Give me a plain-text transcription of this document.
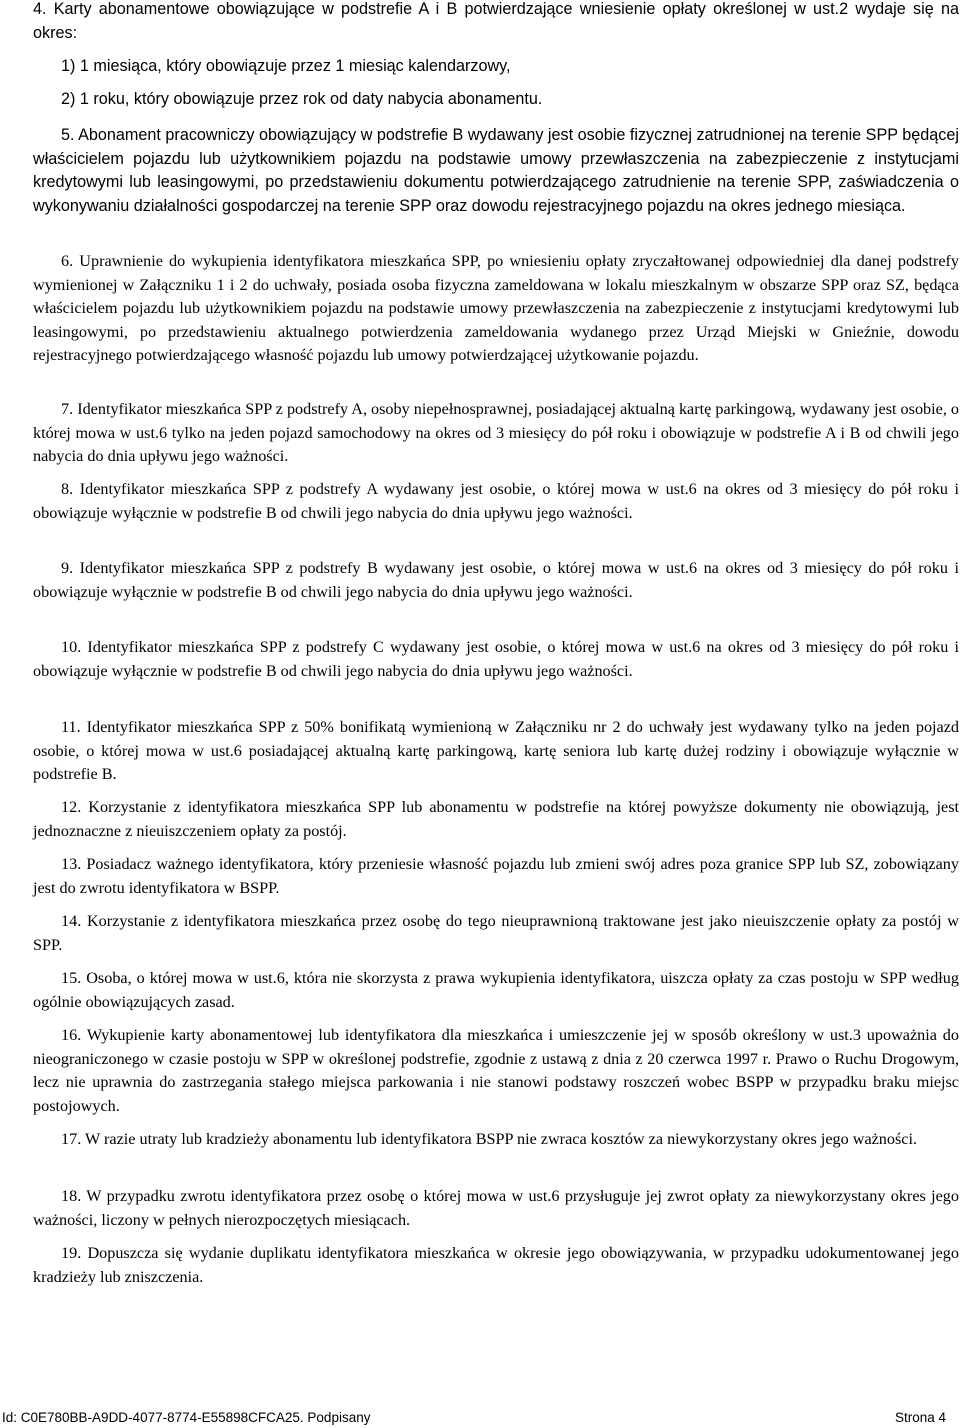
4. Karty abonamentowe obowiązujące w podstrefie A i B potwierdzające wniesienie opłaty określonej w ust.2 wydaje się na okres:
1) 1 miesiąca, który obowiązuje przez 1 miesiąc kalendarzowy,
2) 1 roku, który obowiązuje przez rok od daty nabycia abonamentu.
5. Abonament pracowniczy obowiązujący w podstrefie B wydawany jest osobie fizycznej zatrudnionej na terenie SPP będącej właścicielem pojazdu lub użytkownikiem pojazdu na podstawie umowy przewłaszczenia na zabezpieczenie z instytucjami kredytowymi lub leasingowymi, po przedstawieniu dokumentu potwierdzającego zatrudnienie na terenie SPP, zaświadczenia o wykonywaniu działalności gospodarczej na terenie SPP oraz dowodu rejestracyjnego pojazdu na okres jednego miesiąca.
6. Uprawnienie do wykupienia identyfikatora mieszkańca SPP, po wniesieniu opłaty zryczałtowanej odpowiedniej dla danej podstrefy wymienionej w Załączniku 1 i 2 do uchwały, posiada osoba fizyczna zameldowana w lokalu mieszkalnym w obszarze SPP oraz SZ, będąca właścicielem pojazdu lub użytkownikiem pojazdu na podstawie umowy przewłaszczenia na zabezpieczenie z instytucjami kredytowymi lub leasingowymi, po przedstawieniu aktualnego potwierdzenia zameldowania wydanego przez Urząd Miejski w Gnieźnie, dowodu rejestracyjnego potwierdzającego własność pojazdu lub umowy potwierdzającej użytkowanie pojazdu.
7. Identyfikator mieszkańca SPP z podstrefy A, osoby niepełnosprawnej, posiadającej aktualną kartę parkingową, wydawany jest osobie, o której mowa w ust.6 tylko na jeden pojazd samochodowy na okres od 3 miesięcy do pół roku i obowiązuje w podstrefie A i B od chwili jego nabycia do dnia upływu jego ważności.
8. Identyfikator mieszkańca SPP z podstrefy A wydawany jest osobie, o której mowa w ust.6 na okres od 3 miesięcy do pół roku i obowiązuje wyłącznie w podstrefie B od chwili jego nabycia do dnia upływu jego ważności.
9. Identyfikator mieszkańca SPP z podstrefy B wydawany jest osobie, o której mowa w ust.6 na okres od 3 miesięcy do pół roku i obowiązuje wyłącznie w podstrefie B od chwili jego nabycia do dnia upływu jego ważności.
10. Identyfikator mieszkańca SPP z podstrefy C wydawany jest osobie, o której mowa w ust.6 na okres od 3 miesięcy do pół roku i obowiązuje wyłącznie w podstrefie B od chwili jego nabycia do dnia upływu jego ważności.
11. Identyfikator mieszkańca SPP z 50% bonifikatą wymienioną w Załączniku nr 2 do uchwały jest wydawany tylko na jeden pojazd osobie, o której mowa w ust.6 posiadającej aktualną kartę parkingową, kartę seniora lub kartę dużej rodziny i obowiązuje wyłącznie w podstrefie B.
12. Korzystanie z identyfikatora mieszkańca SPP lub abonamentu w podstrefie na której powyższe dokumenty nie obowiązują, jest jednoznaczne z nieuiszczeniem opłaty za postój.
13. Posiadacz ważnego identyfikatora, który przeniesie własność pojazdu lub zmieni swój adres poza granice SPP lub SZ, zobowiązany jest do zwrotu identyfikatora w BSPP.
14. Korzystanie z identyfikatora mieszkańca przez osobę do tego nieuprawnioną traktowane jest jako nieuiszczenie opłaty za postój w SPP.
15. Osoba, o której mowa w ust.6, która nie skorzysta z prawa wykupienia identyfikatora, uiszcza opłaty za czas postoju w SPP według ogólnie obowiązujących zasad.
16. Wykupienie karty abonamentowej lub identyfikatora dla mieszkańca i umieszczenie jej w sposób określony w ust.3 upoważnia do nieograniczonego w czasie postoju w SPP w określonej podstrefie, zgodnie z ustawą z dnia z 20 czerwca 1997 r. Prawo o Ruchu Drogowym, lecz nie uprawnia do zastrzegania stałego miejsca parkowania i nie stanowi podstawy roszczeń wobec BSPP w przypadku braku miejsc postojowych.
17. W razie utraty lub kradzieży abonamentu lub identyfikatora BSPP nie zwraca kosztów za niewykorzystany okres jego ważności.
18. W przypadku zwrotu identyfikatora przez osobę o której mowa w ust.6 przysługuje jej zwrot opłaty za niewykorzystany okres jego ważności, liczony w pełnych nierozpoczętych miesiącach.
19. Dopuszcza się wydanie duplikatu identyfikatora mieszkańca w okresie jego obowiązywania, w przypadku udokumentowanej jego kradzieży lub zniszczenia.
Id: C0E780BB-A9DD-4077-8774-E55898CFCA25. Podpisany	Strona 4
